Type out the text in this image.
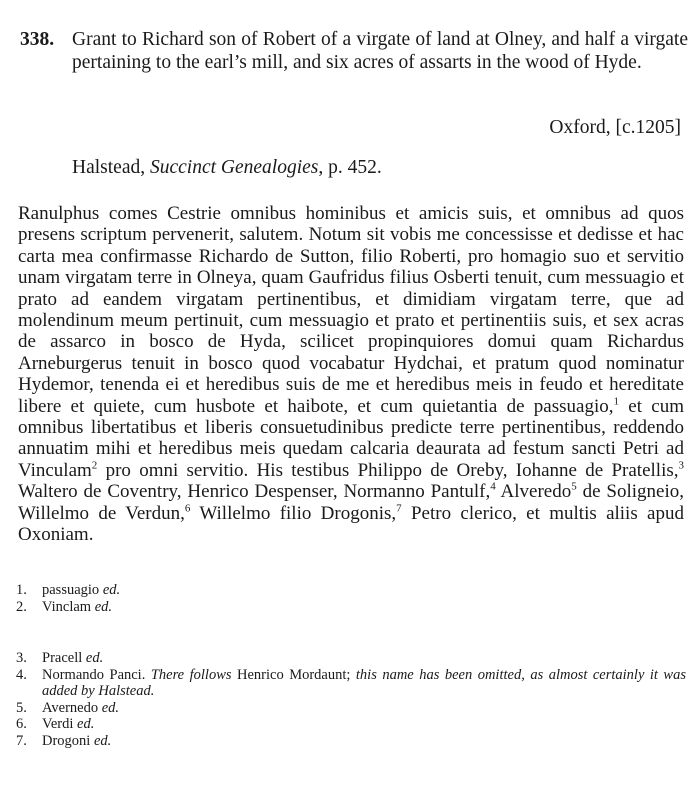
338. Grant to Richard son of Robert of a virgate of land at Olney, and half a virgate pertaining to the earl’s mill, and six acres of assarts in the wood of Hyde.
Oxford, [c.1205]
Halstead, Succinct Genealogies, p. 452.
Ranulphus comes Cestrie omnibus hominibus et amicis suis, et omnibus ad quos presens scriptum pervenerit, salutem. Notum sit vobis me concessisse et dedisse et hac carta mea confirmasse Richardo de Sutton, filio Roberti, pro homagio suo et servitio unam virgatam terre in Olneya, quam Gaufridus filius Osberti tenuit, cum messuagio et prato ad eandem virgatam pertinentibus, et dimidiam virgatam terre, que ad molendinum meum pertinuit, cum messuagio et prato et pertinentiis suis, et sex acras de assarco in bosco de Hyda, scilicet propinquiores domui quam Richardus Arneburgerus tenuit in bosco quod vocabatur Hydchai, et pratum quod nominatur Hydemor, tenenda ei et heredibus suis de me et heredibus meis in feudo et hereditate libere et quiete, cum husbote et haibote, et cum quietantia de passuagio,$^1$ et cum omnibus libertatibus et liberis consuetudinibus predicte terre pertinentibus, reddendo annuatim mihi et heredibus meis quedam calcaria deaurata ad festum sancti Petri ad Vinculam$^2$ pro omni servitio. His testibus Philippo de Oreby, Iohanne de Pratellis,$^3$ Waltero de Coventry, Henrico Despenser, Normanno Pantulf,$^4$ Alveredo$^5$ de Soligneio, Willelmo de Verdun,$^6$ Willelmo filio Drogonis,$^7$ Petro clerico, et multis aliis apud Oxoniam.
1.	passuagio ed.
2.	Vinclam ed.
3.	Pracell ed.
4.	Normando Panci. There follows Henrico Mordaunt; this name has been omitted, as almost certainly it was added by Halstead.
5.	Avernedo ed.
6.	Verdi ed.
7.	Drogoni ed.
